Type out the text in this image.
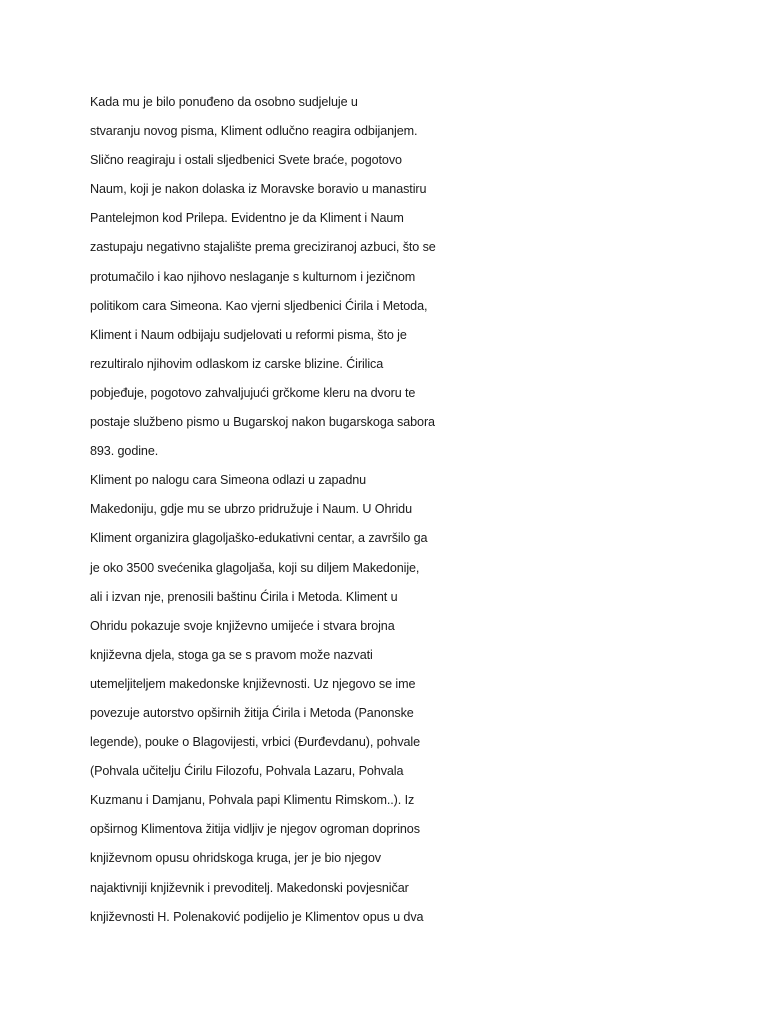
Kada mu je bilo ponuđeno da osobno sudjeluje u
stvaranju novog pisma, Kliment odlučno reagira odbijanjem.
Slično reagiraju i ostali sljedbenici Svete braće, pogotovo
Naum, koji je nakon dolaska iz Moravske boravio u manastiru
Pantelejmon kod Prilepa. Evidentno je da Kliment i Naum
zastupaju negativno stajalište prema greciziranoj azbuci, što se
protumačilo i kao njihovo neslaganje s kulturnom i jezičnom
politikom cara Simeona. Kao vjerni sljedbenici Ćirila i Metoda,
Kliment i Naum odbijaju sudjelovati u reformi pisma, što je
rezultiralo njihovim odlaskom iz carske blizine. Ćirilica
pobjeđuje, pogotovo zahvaljujući grčkome kleru na dvoru te
postaje službeno pismo u Bugarskoj nakon bugarskoga sabora
893. godine.
Kliment po nalogu cara Simeona odlazi u zapadnu
Makedoniju, gdje mu se ubrzo pridružuje i Naum. U Ohridu
Kliment organizira glagoljaško-edukativni centar, a završilo ga
je oko 3500 svećenika glagoljaša, koji su diljem Makedonije,
ali i izvan nje, prenosili baštinu Ćirila i Metoda. Kliment u
Ohridu pokazuje svoje književno umijeće i stvara brojna
književna djela, stoga ga se s pravom može nazvati
utemeljiteljem makedonske književnosti. Uz njegovo se ime
povezuje autorstvo opširnih žitija Ćirila i Metoda (Panonske
legende), pouke o Blagovijesti, vrbici (Đurđevdanu), pohvale
(Pohvala učitelju Ćirilu Filozofu, Pohvala Lazaru, Pohvala
Kuzmanu i Damjanu, Pohvala papi Klimentu Rimskom..). Iz
opširnog Klimentova žitija vidljiv je njegov ogroman doprinos
književnom opusu ohridskoga kruga, jer je bio njegov
najaktivniji književnik i prevoditelj. Makedonski povjesničar
književnosti H. Polenaković podijelio je Klimentov opus u dva
